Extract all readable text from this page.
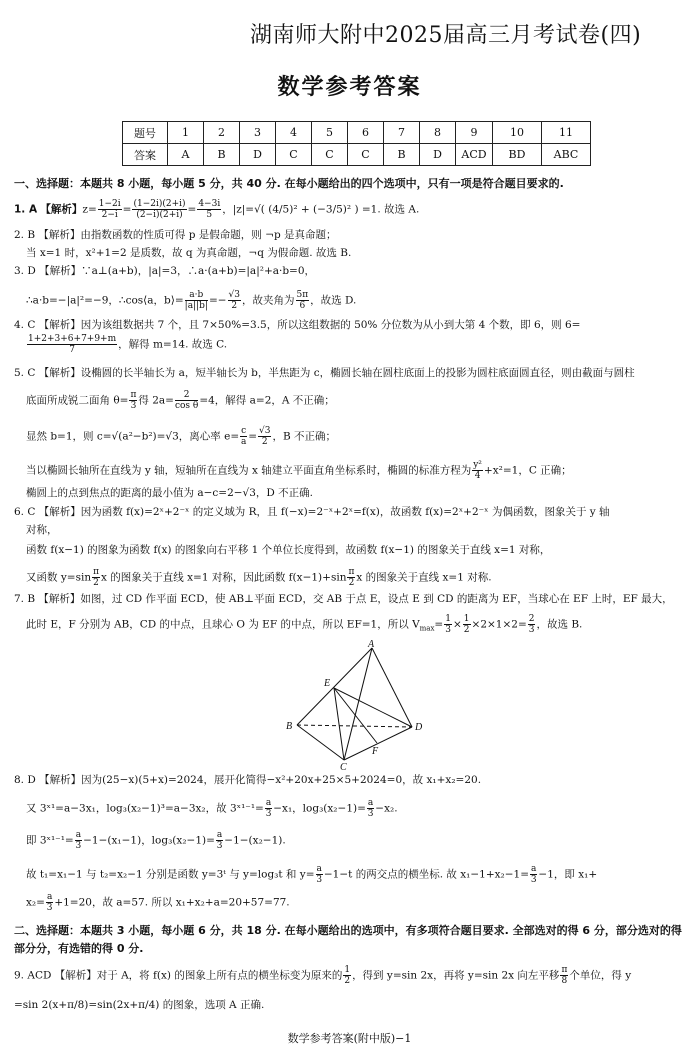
湖南师大附中2025届高三月考试卷(四)
数学参考答案
题号	1	2	3	4	5	6	7	8	9	10	11
答案	A	B	D	C	C	C	B	D	ACD	BD	ABC
一、选择题：本题共 8 小题，每小题 5 分，共 40 分. 在每小题给出的四个选项中，只有一项是符合题目要求的.
1. A 【解析】$z= \frac{1-2i}{2-i} = \frac{(1-2i)(2+i)}{(2-i)(2+i)} = \frac{4-3i}{5}$ ，|z|=√( (4/5)² + (−3/5)² ) =1. 故选 A.
2. B 【解析】由指数函数的性质可得 p 是假命题，则 ¬p 是真命题；
当 x=1 时，x²+1=2 是质数，故 q 为真命题，¬q 为假命题. 故选 B.
3. D 【解析】∵a⊥(a+b)，|a|=3，∴a·(a+b)=|a|²+a·b=0，
∴a·b=−|a|²=−9，∴cos⟨a，b⟩= $\frac{a\cdot b}{|a||b|} =- \frac{√3}{2}$ ，故夹角为 $\frac{5\pi}{6}$ ，故选 D.
4. C 【解析】因为该组数据共 7 个，且 7×50%=3.5，所以这组数据的 50% 分位数为从小到大第 4 个数，即 6，则 6=
$\frac{1+2+3+6+7+9+m}{7}$ ，解得 m=14. 故选 C.
5. C 【解析】设椭圆的长半轴长为 a，短半轴长为 b，半焦距为 c，椭圆长轴在圆柱底面上的投影为圆柱底面圆直径，则由截面与圆柱
底面所成锐二面角 $\theta= \frac{\pi}{3}$ 得 $2a= \frac{2}{\text{cos θ}} =4$，解得 a=2，A 不正确；
显然 b=1，则 c=√(a²−b²)=√3，离心率 $e= \frac{c}{a} = \frac{√3}{2}$ ，B 不正确；
当以椭圆长轴所在直线为 y 轴，短轴所在直线为 x 轴建立平面直角坐标系时，椭圆的标准方程为 $\frac{\text{y²}}{4} +x^2=1$，C 正确；
椭圆上的点到焦点的距离的最小值为 a−c=2−√3，D 不正确.
6. C 【解析】因为函数 f(x)=2ˣ+2⁻ˣ 的定义域为 R，且 f(−x)=2⁻ˣ+2ˣ=f(x)，故函数 f(x)=2ˣ+2⁻ˣ 为偶函数，图象关于 y 轴
对称，
函数 f(x−1) 的图象为函数 f(x) 的图象向右平移 1 个单位长度得到，故函数 f(x−1) 的图象关于直线 x=1 对称，
又函数 $y=\sin \frac{\pi}{2}$ x 的图象关于直线 x=1 对称，因此函数 $f(x-1)+\sin \frac{\pi}{2}$ x 的图象关于直线 x=1 对称.
7. B 【解析】如图，过 CD 作平面 ECD，使 AB⊥平面 ECD，交 AB 于点 E，设点 E 到 CD 的距离为 EF，当球心在 EF 上时，EF 最大，
此时 E，F 分别为 AB，CD 的中点，且球心 O 为 EF 的中点，所以 EF=1，所以 $V_{max}= \frac{1}{3} \times \frac{1}{2} \times 2\times 1\times 2= \frac{2}{3}$ ，故选 B.
A
B
C
D
E
F
8. D 【解析】因为(25−x)(5+x)=2024，展开化简得−x²+20x+25×5+2024=0，故 x₁+x₂=20.
又 3ˣ¹=a−3x₁，log₃(x₂−1)³=a−3x₂，故 3ˣ¹⁻¹= $\frac{a}{3} -x_1$，$\log_3(x_2-1)= \frac{a}{3} -x_2$.
即 3ˣ¹⁻¹= $\frac{a}{3} -1-(x_1-1)$，$\log_3(x_2-1)= \frac{a}{3} -1-(x_2-1)$.
故 t₁=x₁−1 与 t₂=x₂−1 分别是函数 y=3ᵗ 与 y=log₃t 和 $y= \frac{a}{3} -1-t$ 的两交点的横坐标. 故 $x_1-1+x_2-1= \frac{a}{3} -1$，即 x₁+
$x_2= \frac{a}{3} +1=20$，故 a=57. 所以 x₁+x₂+a=20+57=77.
二、选择题：本题共 3 小题，每小题 6 分，共 18 分. 在每小题给出的选项中，有多项符合题目要求. 全部选对的得 6 分，部分选对的得
部分分，有选错的得 0 分.
9. ACD 【解析】对于 A，将 f(x) 的图象上所有点的横坐标变为原来的 $\frac{1}{2}$ ，得到 y=sin 2x，再将 y=sin 2x 向左平移 $\frac{\pi}{8}$ 个单位，得 y
=sin 2(x+π/8)=sin(2x+π/4) 的图象，选项 A 正确.
数学参考答案(附中版)−1
